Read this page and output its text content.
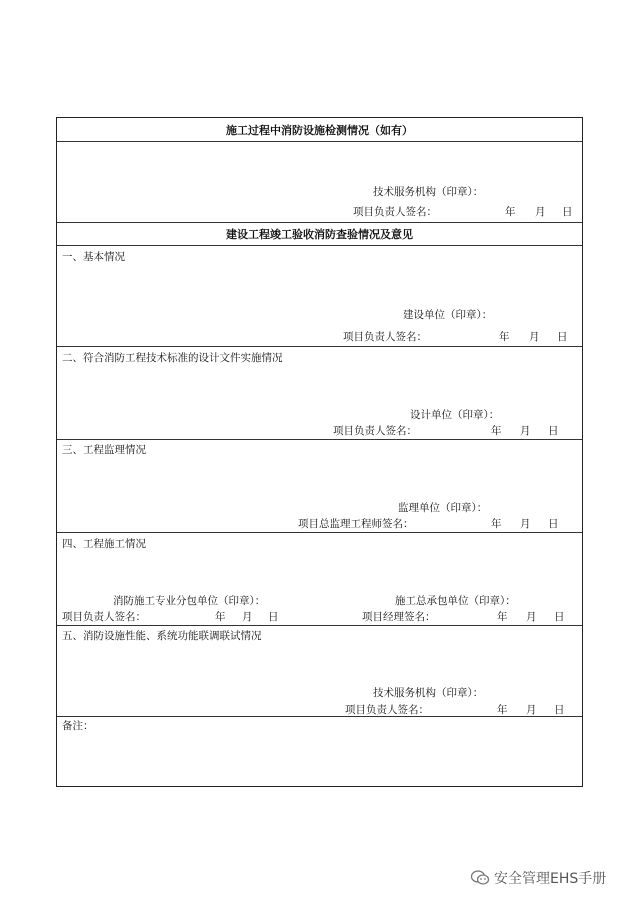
施工过程中消防设施检测情况（如有）
技术服务机构（印章）：
项目负责人签名：	年 月 日
建设工程竣工验收消防查验情况及意见
一、基本情况
建设单位（印章）：
项目负责人签名：	年 月 日
二、符合消防工程技术标准的设计文件实施情况
设计单位（印章）：
项目负责人签名：	年 月 日
三、工程监理情况
监理单位（印章）：
项目总监理工程师签名：	年 月 日
四、工程施工情况
消防施工专业分包单位（印章）：
项目负责人签名：	年 月 日
施工总承包单位（印章）：
项目经理签名：	年 月 日
五、消防设施性能、系统功能联调联试情况
技术服务机构（印章）：
项目负责人签名：	年 月 日
备注：
安全管理EHS手册
